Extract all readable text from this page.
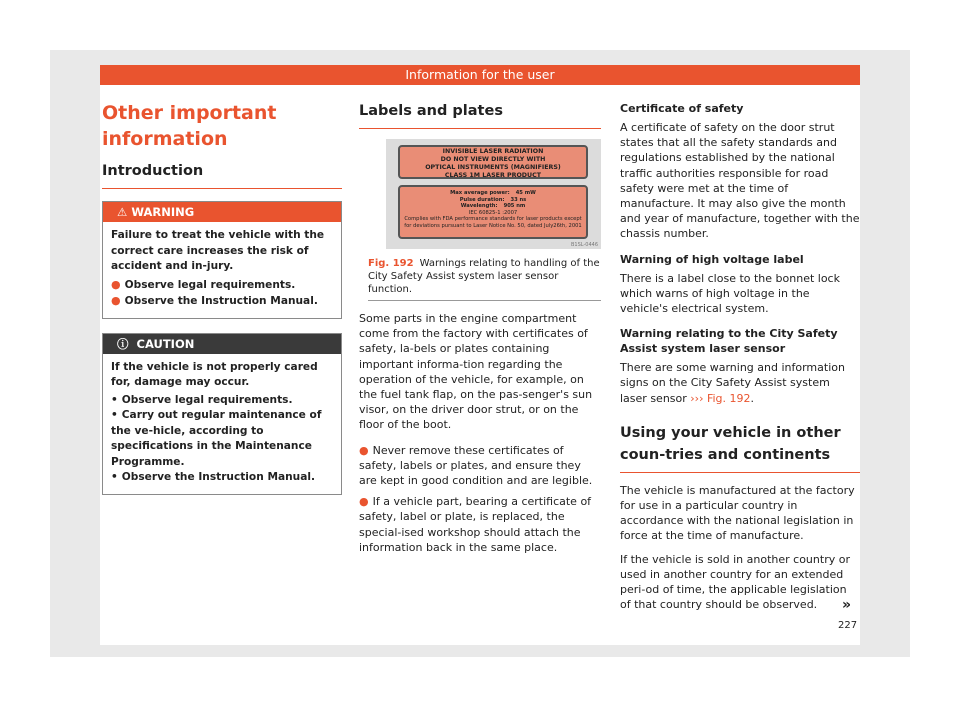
Information for the user
Other important information
Introduction
⚠ WARNING

Failure to treat the vehicle with the correct care increases the risk of accident and in-jury.

● Observe legal requirements.
● Observe the Instruction Manual.
ⓘ  CAUTION

If the vehicle is not properly cared for, damage may occur.

• Observe legal requirements.
• Carry out regular maintenance of the ve-hicle, according to specifications in the Maintenance Programme.
• Observe the Instruction Manual.
Labels and plates
INVISIBLE LASER RADIATION
DO NOT VIEW DIRECTLY WITH
OPTICAL INSTRUMENTS (MAGNIFIERS)
CLASS 1M LASER PRODUCT
Max average power: 45 mW
Pulse duration: 33 ns
Wavelength: 905 nm
IEC 60825-1 :2007
Complies with FDA performance standards for laser products except for deviations pursuant to Laser Notice No. 50, dated July26th, 2001
B1SL-0446
Fig. 192 Warnings relating to handling of the City Safety Assist system laser sensor function.

Some parts in the engine compartment come from the factory with certificates of safety, la-bels or plates containing important informa-tion regarding the operation of the vehicle, for example, on the fuel tank flap, on the pas-senger's sun visor, on the driver door strut, or on the floor of the boot.

● Never remove these certificates of safety, labels or plates, and ensure they are kept in good condition and are legible.

● If a vehicle part, bearing a certificate of safety, label or plate, is replaced, the special-ised workshop should attach the information back in the same place.

Certificate of safety

A certificate of safety on the door strut states that all the safety standards and regulations established by the national traffic authorities responsible for road safety were met at the time of manufacture. It may also give the month and year of manufacture, together with the chassis number.

Warning of high voltage label

There is a label close to the bonnet lock which warns of high voltage in the vehicle's electrical system.

Warning relating to the City Safety Assist system laser sensor

There are some warning and information signs on the City Safety Assist system laser sensor ››› Fig. 192.

Using your vehicle in other coun-tries and continents

The vehicle is manufactured at the factory for use in a particular country in accordance with the national legislation in force at the time of manufacture.

If the vehicle is sold in another country or used in another country for an extended peri-od of time, the applicable legislation of that country should be observed.	»
227
